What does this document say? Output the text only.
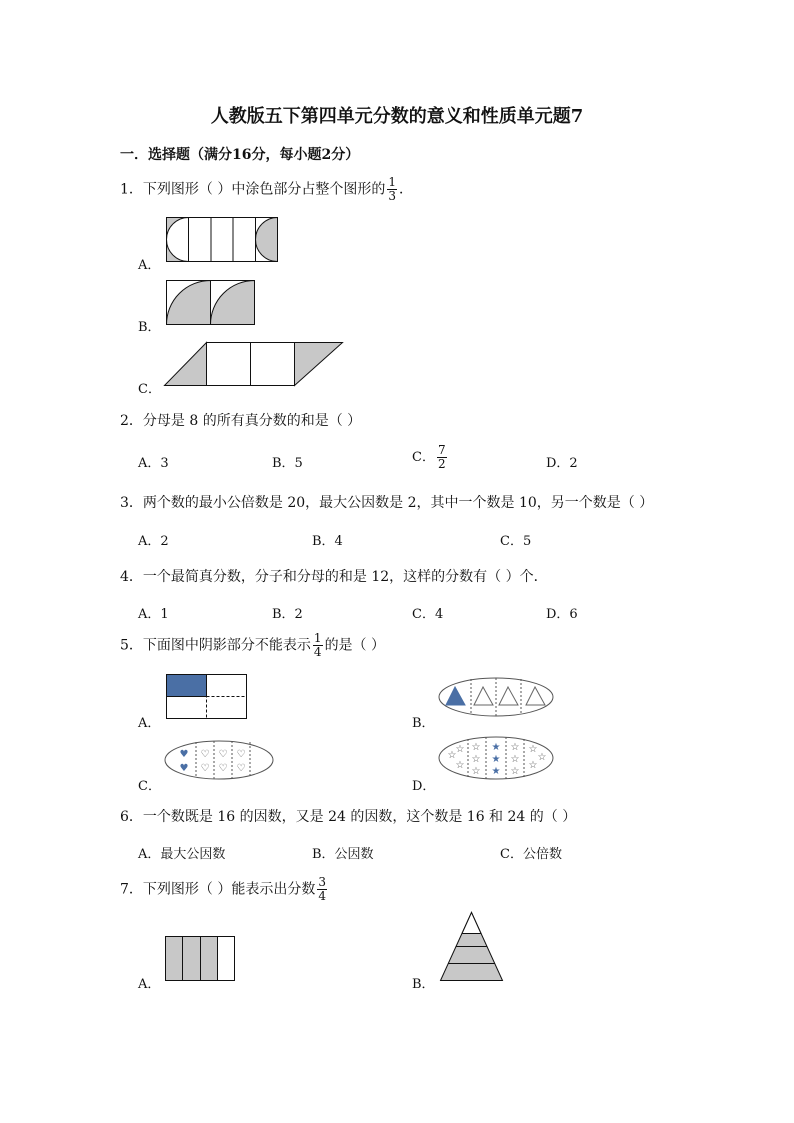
人教版五下第四单元分数的意义和性质单元题7
一．选择题（满分16分，每小题2分）
1．下列图形（ ）中涂色部分占整个图形的 $\frac{1}{3}$ ．
A．
B．
C．
2．分母是 8 的所有真分数的和是（ ）
A．3	B．5	C． $\frac{7}{2}$	D．2
3．两个数的最小公倍数是 20，最大公因数是 2，其中一个数是 10，另一个数是（ ）
A．2	B．4	C．5
4．一个最简真分数，分子和分母的和是 12，这样的分数有（ ）个．
A．1	B．2	C．4	D．6
5．下面图中阴影部分不能表示 $\frac{1}{4}$ 的是（ ）
A．	B．
C．
♥
♥
♡
♡
♡
♡
♡
♡
D．
☆
☆
☆
☆
☆
☆
★
★
★
☆
☆
☆
☆
☆
☆
6．一个数既是 16 的因数，又是 24 的因数，这个数是 16 和 24 的（ ）
A．最大公因数	B．公因数	C．公倍数
7．下列图形（ ）能表示出分数 $\frac{3}{4}$
A．	B．
